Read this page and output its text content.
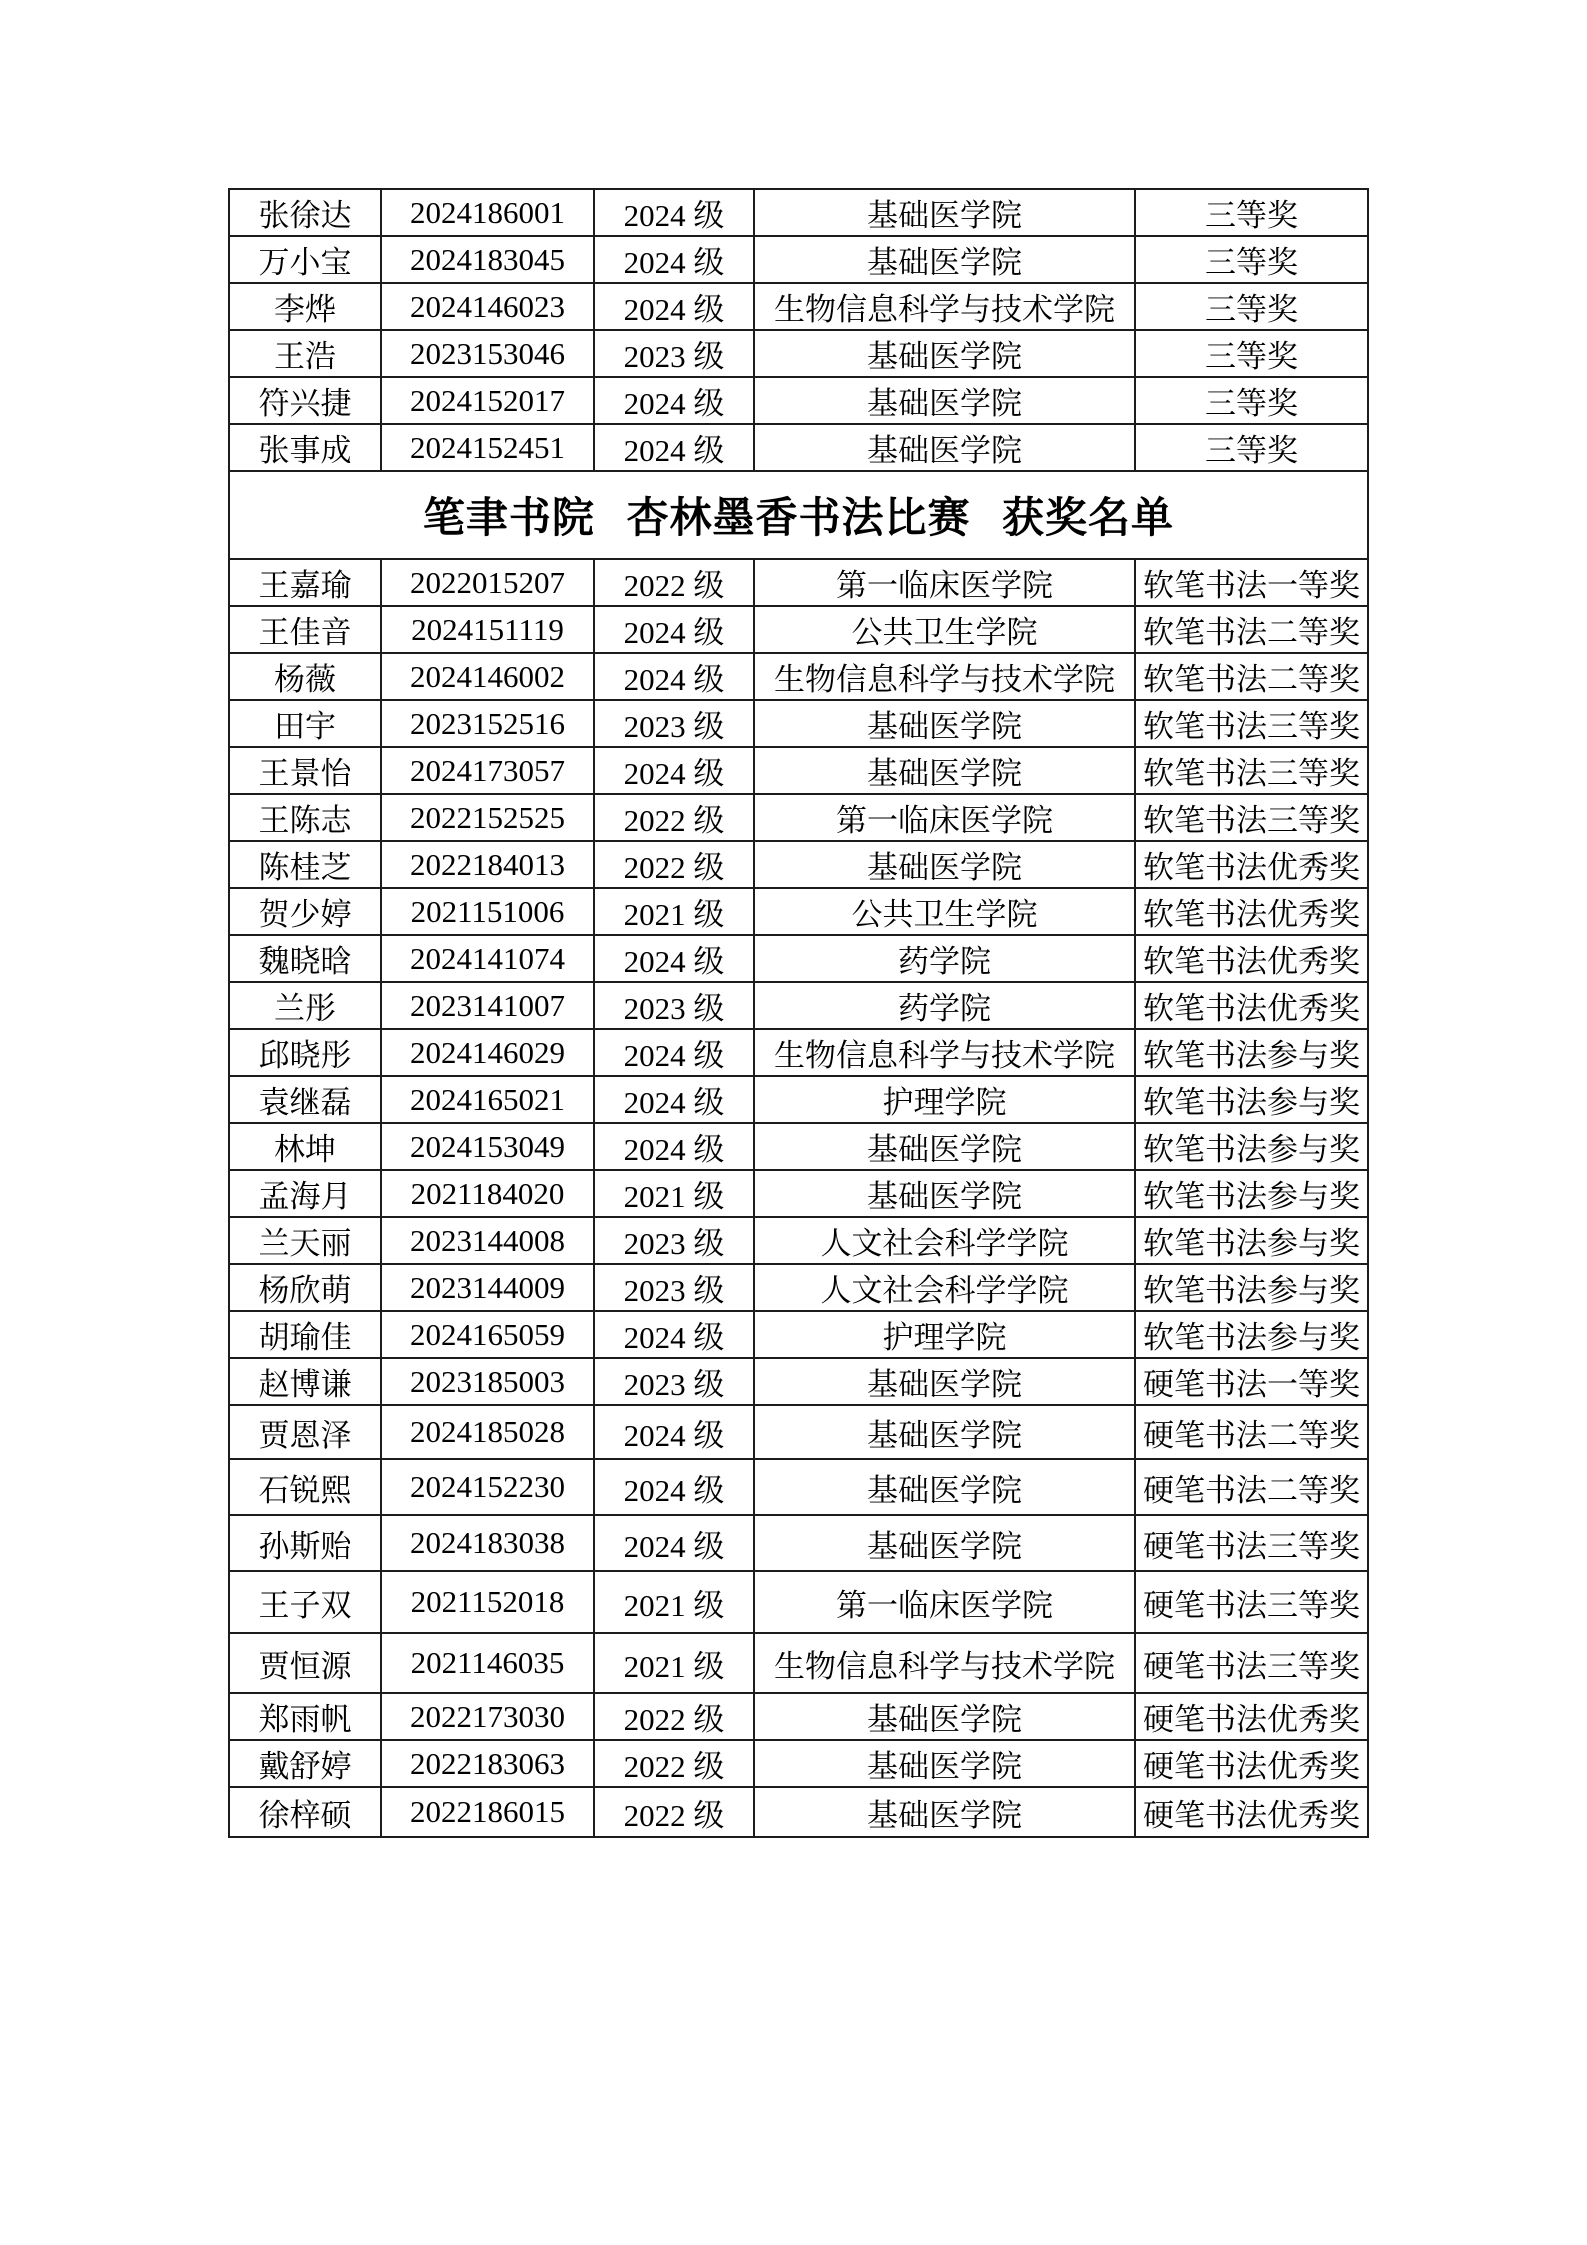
张徐达	2024186001	2024 级	基础医学院	三等奖
万小宝	2024183045	2024 级	基础医学院	三等奖
李烨	2024146023	2024 级	生物信息科学与技术学院	三等奖
王浩	2023153046	2023 级	基础医学院	三等奖
符兴捷	2024152017	2024 级	基础医学院	三等奖
张事成	2024152451	2024 级	基础医学院	三等奖
笔聿书院 杏林墨香书法比赛 获奖名单				
王嘉瑜	2022015207	2022 级	第一临床医学院	软笔书法一等奖
王佳音	2024151119	2024 级	公共卫生学院	软笔书法二等奖
杨薇	2024146002	2024 级	生物信息科学与技术学院	软笔书法二等奖
田宇	2023152516	2023 级	基础医学院	软笔书法三等奖
王景怡	2024173057	2024 级	基础医学院	软笔书法三等奖
王陈志	2022152525	2022 级	第一临床医学院	软笔书法三等奖
陈桂芝	2022184013	2022 级	基础医学院	软笔书法优秀奖
贺少婷	2021151006	2021 级	公共卫生学院	软笔书法优秀奖
魏晓晗	2024141074	2024 级	药学院	软笔书法优秀奖
兰彤	2023141007	2023 级	药学院	软笔书法优秀奖
邱晓彤	2024146029	2024 级	生物信息科学与技术学院	软笔书法参与奖
袁继磊	2024165021	2024 级	护理学院	软笔书法参与奖
林坤	2024153049	2024 级	基础医学院	软笔书法参与奖
孟海月	2021184020	2021 级	基础医学院	软笔书法参与奖
兰天丽	2023144008	2023 级	人文社会科学学院	软笔书法参与奖
杨欣萌	2023144009	2023 级	人文社会科学学院	软笔书法参与奖
胡瑜佳	2024165059	2024 级	护理学院	软笔书法参与奖
赵博谦	2023185003	2023 级	基础医学院	硬笔书法一等奖
贾恩泽	2024185028	2024 级	基础医学院	硬笔书法二等奖
石锐熙	2024152230	2024 级	基础医学院	硬笔书法二等奖
孙斯贻	2024183038	2024 级	基础医学院	硬笔书法三等奖
王子双	2021152018	2021 级	第一临床医学院	硬笔书法三等奖
贾恒源	2021146035	2021 级	生物信息科学与技术学院	硬笔书法三等奖
郑雨帆	2022173030	2022 级	基础医学院	硬笔书法优秀奖
戴舒婷	2022183063	2022 级	基础医学院	硬笔书法优秀奖
徐梓硕	2022186015	2022 级	基础医学院	硬笔书法优秀奖
